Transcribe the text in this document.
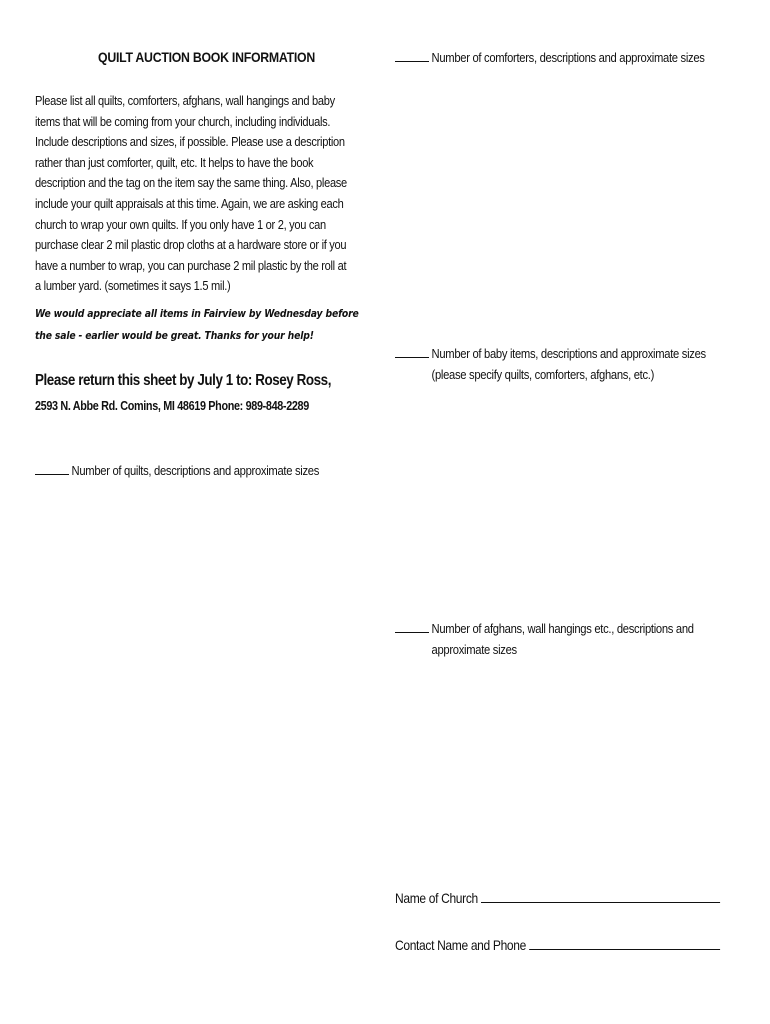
QUILT AUCTION BOOK INFORMATION
Please list all quilts, comforters, afghans, wall hangings and baby
items that will be coming from your church, including individuals.
Include descriptions and sizes, if possible. Please use a description
rather than just comforter, quilt, etc. It helps to have the book
description and the tag on the item say the same thing. Also, please
include your quilt appraisals at this time. Again, we are asking each
church to wrap your own quilts. If you only have 1 or 2, you can
purchase clear 2 mil plastic drop cloths at a hardware store or if you
have a number to wrap, you can purchase 2 mil plastic by the roll at
a lumber yard. (sometimes it says 1.5 mil.)
We would appreciate all items in Fairview by Wednesday before
the sale - earlier would be great. Thanks for your help!
Please return this sheet by July 1 to: Rosey Ross,
2593 N. Abbe Rd. Comins, MI 48619 Phone: 989-848-2289
Number of quilts, descriptions and approximate sizes
Number of comforters, descriptions and approximate sizes
Number of baby items, descriptions and approximate sizes
(please specify quilts, comforters, afghans, etc.)
Number of afghans, wall hangings etc., descriptions and
approximate sizes
Name of Church
Contact Name and Phone
